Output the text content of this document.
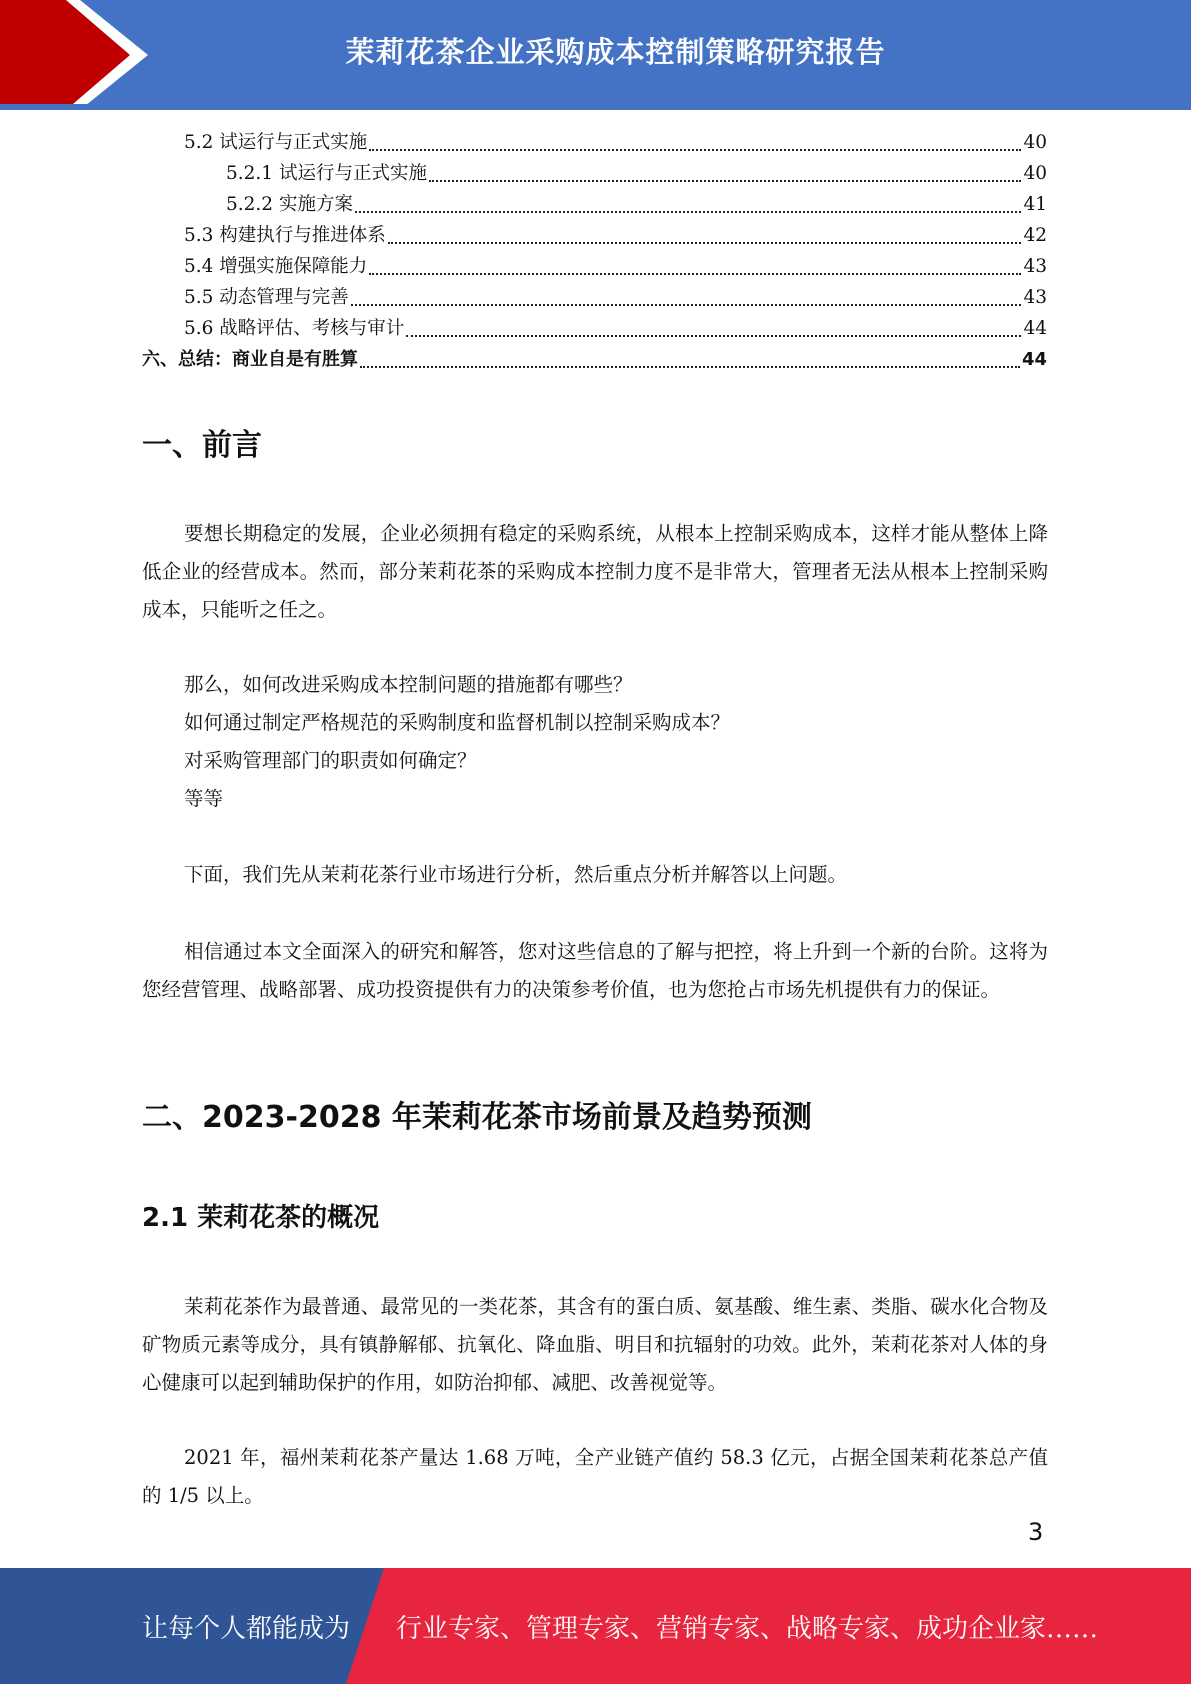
茉莉花茶企业采购成本控制策略研究报告
5.2 试运行与正式实施	40
5.2.1 试运行与正式实施	40
5.2.2 实施方案	41
5.3 构建执行与推进体系	42
5.4 增强实施保障能力	43
5.5 动态管理与完善	43
5.6 战略评估、考核与审计	44
六、总结：商业自是有胜算	44
一、前言

要想长期稳定的发展，企业必须拥有稳定的采购系统，从根本上控制采购成本，这样才能从整体上降低企业的经营成本。然而，部分茉莉花茶的采购成本控制力度不是非常大，管理者无法从根本上控制采购成本，只能听之任之。

那么，如何改进采购成本控制问题的措施都有哪些？
如何通过制定严格规范的采购制度和监督机制以控制采购成本？
对采购管理部门的职责如何确定？
等等

下面，我们先从茉莉花茶行业市场进行分析，然后重点分析并解答以上问题。

相信通过本文全面深入的研究和解答，您对这些信息的了解与把控，将上升到一个新的台阶。这将为您经营管理、战略部署、成功投资提供有力的决策参考价值，也为您抢占市场先机提供有力的保证。

二、2023-2028 年茉莉花茶市场前景及趋势预测
2.1 茉莉花茶的概况

茉莉花茶作为最普通、最常见的一类花茶，其含有的蛋白质、氨基酸、维生素、类脂、碳水化合物及矿物质元素等成分，具有镇静解郁、抗氧化、降血脂、明目和抗辐射的功效。此外，茉莉花茶对人体的身心健康可以起到辅助保护的作用，如防治抑郁、减肥、改善视觉等。

2021 年，福州茉莉花茶产量达 1.68 万吨，全产业链产值约 58.3 亿元，占据全国茉莉花茶总产值的 1/5 以上。

3
让每个人都能成为 行业专家、管理专家、营销专家、战略专家、成功企业家……
